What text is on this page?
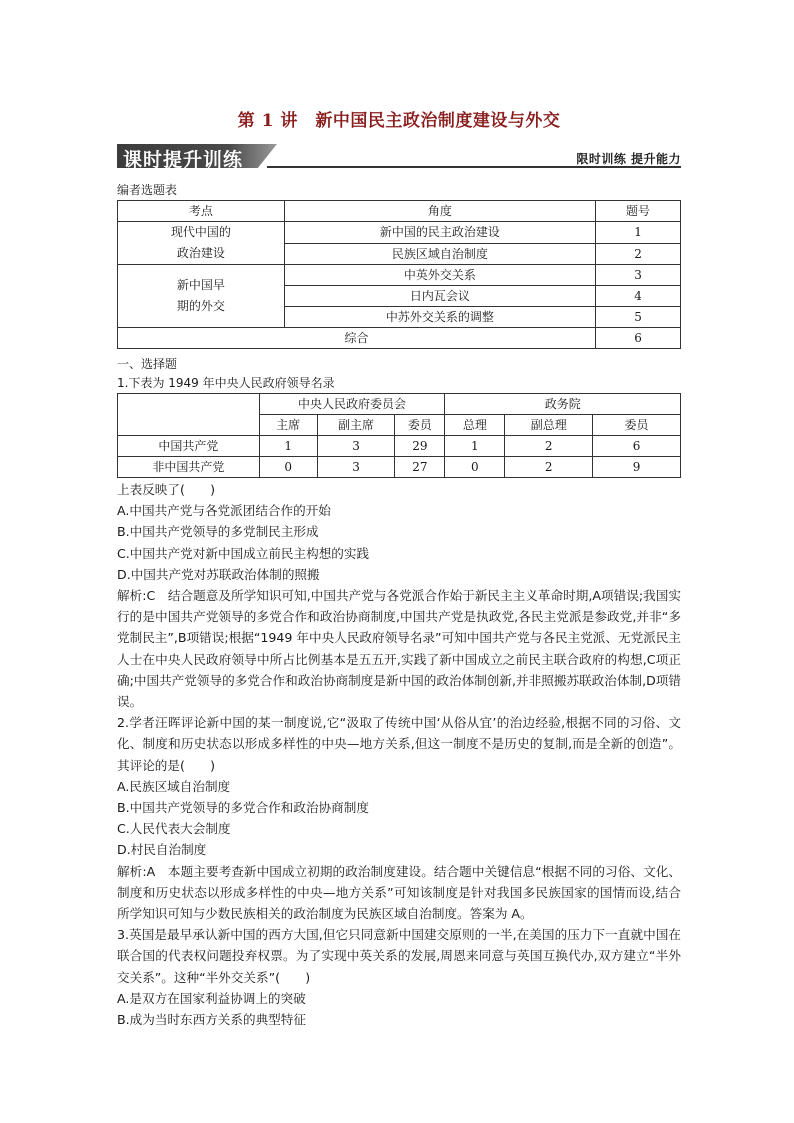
第 1 讲　新中国民主政治制度建设与外交
课时提升训练	限时训练 提升能力
编者选题表
考点	角度	题号

现代中国的
政治建设	新中国的民主政治建设	1
	民族区域自治制度	2

新中国早
期的外交	中英外交关系	3
	日内瓦会议	4
	中苏外交关系的调整	5
综合		6
一、选择题
1.下表为 1949 年中央人民政府领导名录
	中央人民政府委员会			政务院		
	主席	副主席	委员	总理	副总理	委员
中国共产党	1	3	29	1	2	6
非中国共产党	0	3	27	0	2	9

上表反映了(　　)

A.中国共产党与各党派团结合作的开始

B.中国共产党领导的多党制民主形成

C.中国共产党对新中国成立前民主构想的实践

D.中国共产党对苏联政治体制的照搬

解析:C　结合题意及所学知识可知,中国共产党与各党派合作始于新民主主义革命时期,A项错误;我国实行的是中国共产党领导的多党合作和政治协商制度,中国共产党是执政党,各民主党派是参政党,并非“多党制民主”,B项错误;根据“1949 年中央人民政府领导名录”可知中国共产党与各民主党派、无党派民主人士在中央人民政府领导中所占比例基本是五五开,实践了新中国成立之前民主联合政府的构想,C项正确;中国共产党领导的多党合作和政治协商制度是新中国的政治体制创新,并非照搬苏联政治体制,D项错误。

2.学者汪晖评论新中国的某一制度说,它“汲取了传统中国‘从俗从宜’的治边经验,根据不同的习俗、文化、制度和历史状态以形成多样性的中央—地方关系,但这一制度不是历史的复制,而是全新的创造”。其评论的是(　　)

A.民族区域自治制度

B.中国共产党领导的多党合作和政治协商制度

C.人民代表大会制度

D.村民自治制度

解析:A　本题主要考查新中国成立初期的政治制度建设。结合题中关键信息“根据不同的习俗、文化、制度和历史状态以形成多样性的中央—地方关系”可知该制度是针对我国多民族国家的国情而设,结合所学知识可知与少数民族相关的政治制度为民族区域自治制度。答案为 A。

3.英国是最早承认新中国的西方大国,但它只同意新中国建交原则的一半,在美国的压力下一直就中国在联合国的代表权问题投弃权票。为了实现中英关系的发展,周恩来同意与英国互换代办,双方建立“半外交关系”。这种“半外交关系”(　　)

A.是双方在国家利益协调上的突破

B.成为当时东西方关系的典型特征
